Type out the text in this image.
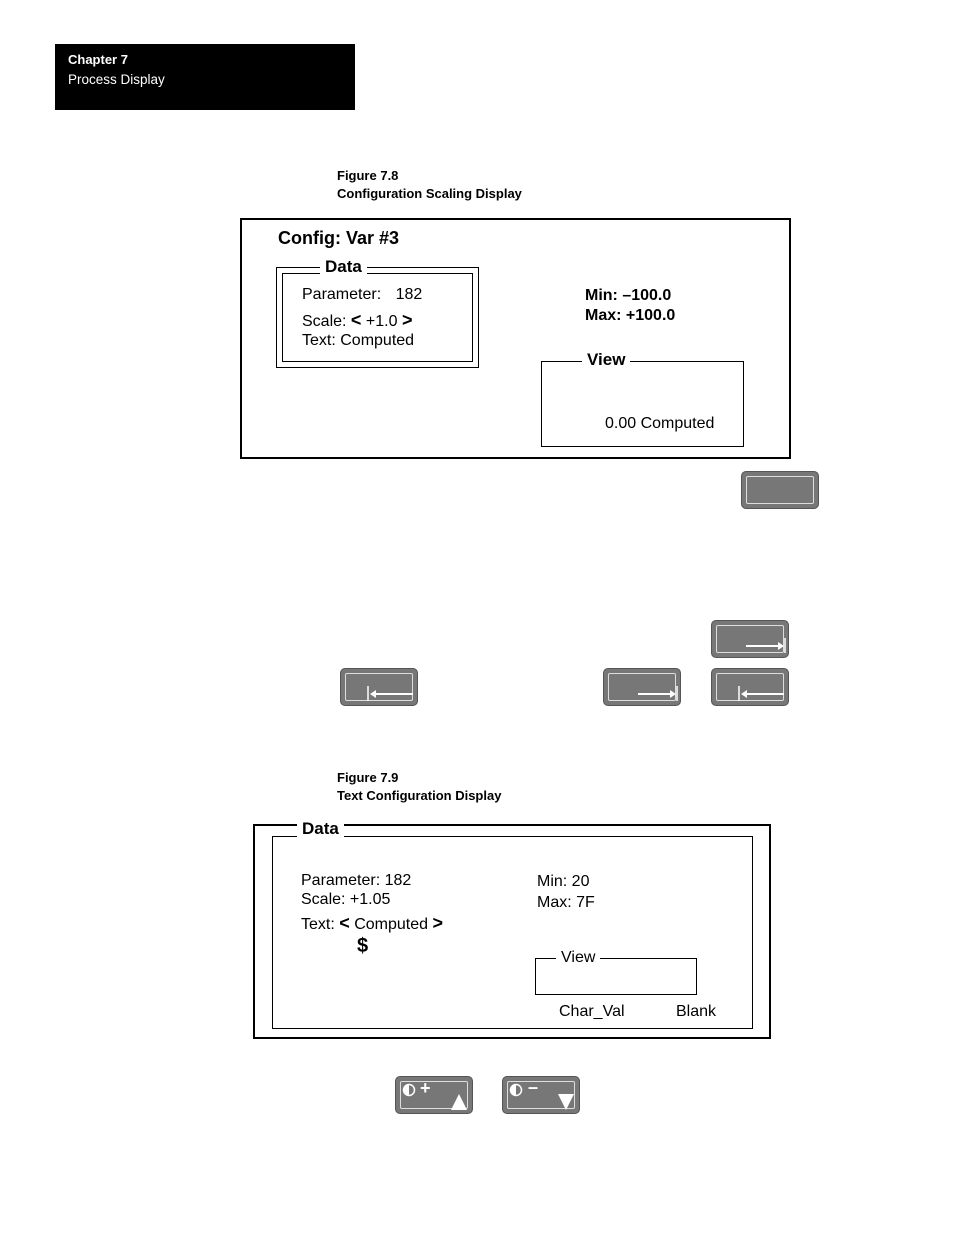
Chapter 7
Process Display
Figure 7.8
Configuration Scaling Display
Config: Var #3
Data
Parameter: 182
Scale: < +1.0 >
Text: Computed
Min: –100.0
Max: +100.0
View
0.00 Computed
Figure 7.9
Text Configuration Display
Data
Parameter: 182
Scale: +1.05
Text: < Computed >
$
Min: 20
Max: 7F
View
Char_Val	Blank
+	–
